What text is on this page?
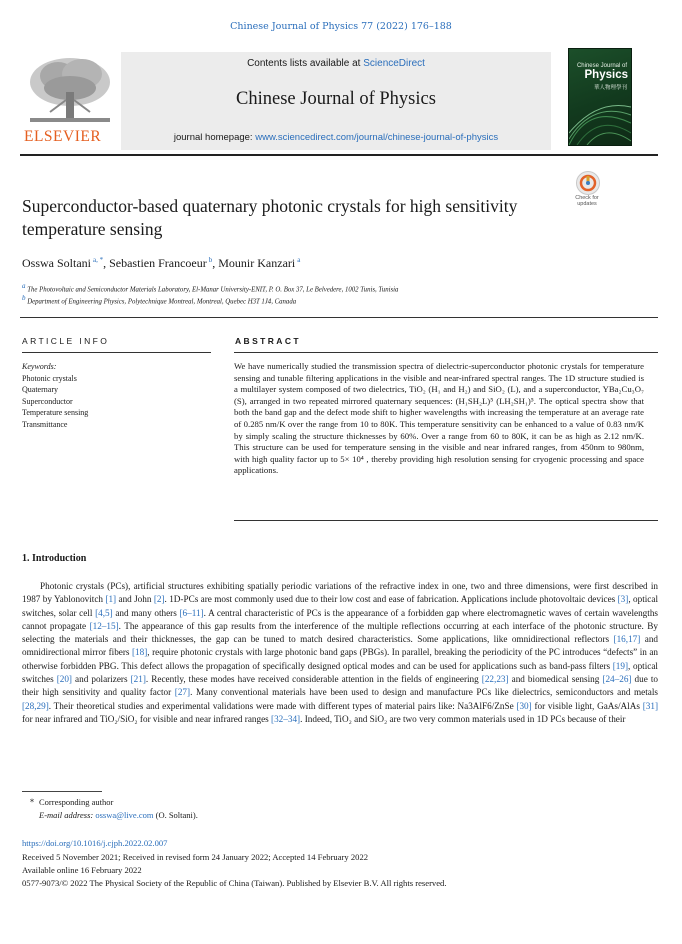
Chinese Journal of Physics 77 (2022) 176–188
ELSEVIER
Contents lists available at ScienceDirect
Chinese Journal of Physics
journal homepage: www.sciencedirect.com/journal/chinese-journal-of-physics
Chinese Journal of
Physics
華人物理學刊
Superconductor-based quaternary photonic crystals for high sensitivity temperature sensing
Check for updates
Osswa Soltani $^{a, *}$, Sebastien Francoeur $^b$, Mounir Kanzari $^a$
$^a$ The Photovoltaic and Semiconductor Materials Laboratory, El-Manar University-ENIT, P. O. Box 37, Le Belvedere, 1002 Tunis, Tunisia
$^b$ Department of Engineering Physics, Polytechnique Montreal, Montreal, Quebec H3T 1J4, Canada
ARTICLE INFO
Keywords:
Photonic crystals
Quaternary
Superconductor
Temperature sensing
Transmittance
ABSTRACT
We have numerically studied the transmission spectra of dielectric-superconductor photonic crystals for temperature sensing and tunable filtering applications in the visible and near-infrared spectral ranges. The 1D structure studied is a multilayer system composed of two dielectrics, TiO₂ (H₁ and H₂) and SiO₂ (L), and a superconductor, YBa₂Cu₃O₇ (S), arranged in two repeated mirrored quaternary sequences: (H₁SH₂L)⁵ (LH₂SH₁)⁵. The optical spectra show that both the band gap and the defect mode shift to higher wavelengths with increasing the temperature at an average rate of 0.285 nm/K over the range from 10 to 80K. This temperature sensitivity can be enhanced to a value of 0.83 nm/K by simply scaling the structure thicknesses by 60%. Over a range from 60 to 80K, it can be as high as 2.12 nm/K. This structure can be used for temperature sensing in the visible and near infrared ranges, from 450nm to 980nm, with high quality factor up to 5× 10⁴ , thereby providing high resolution sensing for cryogenic processing and space applications.
1. Introduction
Photonic crystals (PCs), artificial structures exhibiting spatially periodic variations of the refractive index in one, two and three dimensions, were first described in 1987 by Yablonovitch [1] and John [2]. 1D-PCs are most commonly used due to their low cost and ease of fabrication. Applications include photovoltaic devices [3], optical switches, solar cell [4,5] and many others [6–11]. A central characteristic of PCs is the appearance of a forbidden gap where electromagnetic waves of certain wavelengths cannot propagate [12–15]. The appearance of this gap results from the interference of the multiple reflections occurring at each interface of the photonic structure. By selecting the materials and their thicknesses, the gap can be tuned to match desired characteristics. Some applications, like omnidirectional reflectors [16,17] and omnidirectional mirror fibers [18], require photonic crystals with large photonic band gaps (PBGs). In parallel, breaking the periodicity of the PC introduces “defects” in an otherwise forbidden PBG. This defect allows the propagation of specifically designed optical modes and can be used for applications such as band-pass filters [19], optical switches [20] and polarizers [21]. Recently, these modes have received considerable attention in the fields of engineering [22,23] and biomedical sensing [24–26] due to their high sensitivity and quality factor [27]. Many conventional materials have been used to design and manufacture PCs like dielectrics, semiconductors and metals [28,29]. Their theoretical studies and experimental validations were made with different types of material pairs like: Na3AlF6/ZnSe [30] for visible light, GaAs/AlAs [31] for near infrared and TiO₂/SiO₂ for visible and near infrared ranges [32–34]. Indeed, TiO₂ and SiO₂ are two very common materials used in 1D PCs because of their
* Corresponding author
E-mail address: osswa@live.com (O. Soltani).
https://doi.org/10.1016/j.cjph.2022.02.007
Received 5 November 2021; Received in revised form 24 January 2022; Accepted 14 February 2022
Available online 16 February 2022
0577-9073/© 2022 The Physical Society of the Republic of China (Taiwan). Published by Elsevier B.V. All rights reserved.
